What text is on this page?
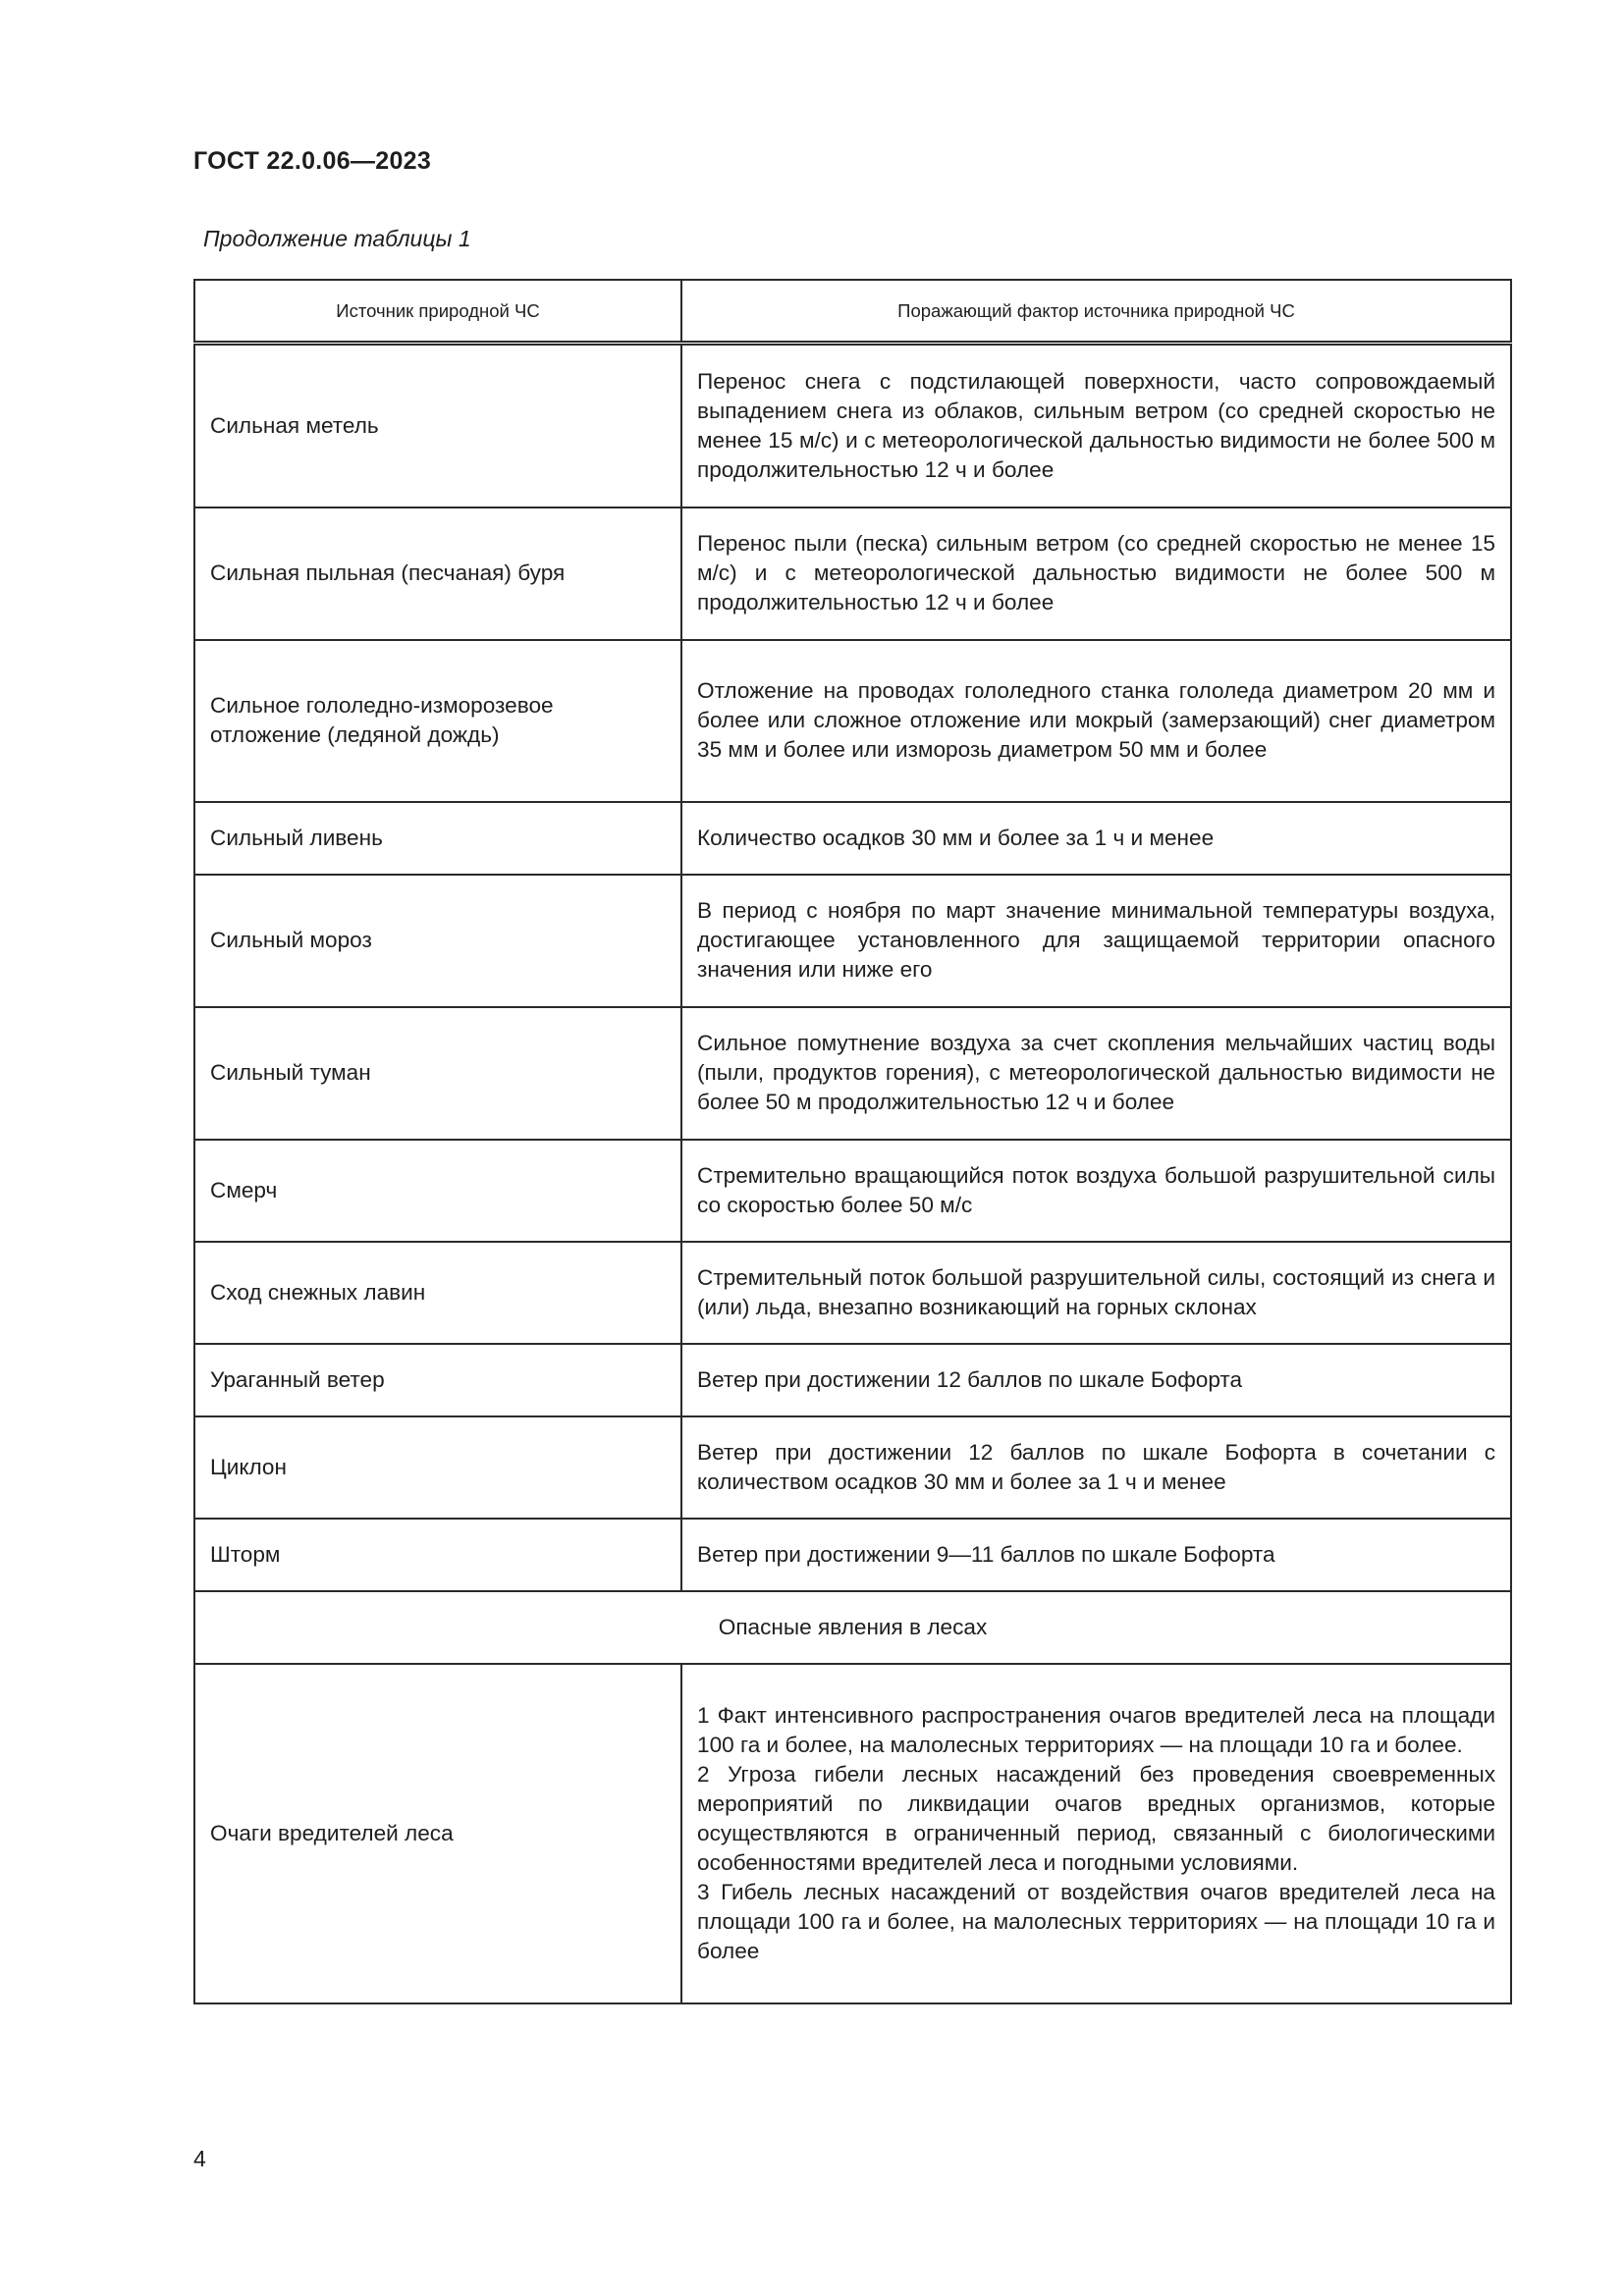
ГОСТ 22.0.06—2023
Продолжение таблицы 1
Источник природной ЧС	Поражающий фактор источника природной ЧС
Сильная метель	Перенос снега с подстилающей поверхности, часто сопровождаемый выпадением снега из облаков, сильным ветром (со средней скоростью не менее 15 м/с) и с метеорологической дальностью видимости не более 500 м продолжительностью 12 ч и более
Сильная пыльная (песчаная) буря	Перенос пыли (песка) сильным ветром (со средней скоростью не менее 15 м/с) и с метеорологической дальностью видимости не более 500 м продолжительностью 12 ч и более
Сильное гололедно-изморозевое отложение (ледяной дождь)	Отложение на проводах гололедного станка гололеда диаметром 20 мм и более или сложное отложение или мокрый (замерзающий) снег диаметром 35 мм и более или изморозь диаметром 50 мм и более
Сильный ливень	Количество осадков 30 мм и более за 1 ч и менее
Сильный мороз	В период с ноября по март значение минимальной температуры воздуха, достигающее установленного для защищаемой территории опасного значения или ниже его
Сильный туман	Сильное помутнение воздуха за счет скопления мельчайших частиц воды (пыли, продуктов горения), с метеорологической дальностью видимости не более 50 м продолжительностью 12 ч и более
Смерч	Стремительно вращающийся поток воздуха большой разрушительной силы со скоростью более 50 м/с
Сход снежных лавин	Стремительный поток большой разрушительной силы, состоящий из снега и (или) льда, внезапно возникающий на горных склонах
Ураганный ветер	Ветер при достижении 12 баллов по шкале Бофорта
Циклон	Ветер при достижении 12 баллов по шкале Бофорта в сочетании с количеством осадков 30 мм и более за 1 ч и менее
Шторм	Ветер при достижении 9—11 баллов по шкале Бофорта
Опасные явления в лесах	
Очаги вредителей леса	1 Факт интенсивного распространения очагов вредителей леса на площади 100 га и более, на малолесных территориях — на площади 10 га и более.
2 Угроза гибели лесных насаждений без проведения своевременных мероприятий по ликвидации очагов вредных организмов, которые осуществляются в ограниченный период, связанный с биологическими особенностями вредителей леса и погодными условиями.
3 Гибель лесных насаждений от воздействия очагов вредителей леса на площади 100 га и более, на малолесных территориях — на площади 10 га и более
4
